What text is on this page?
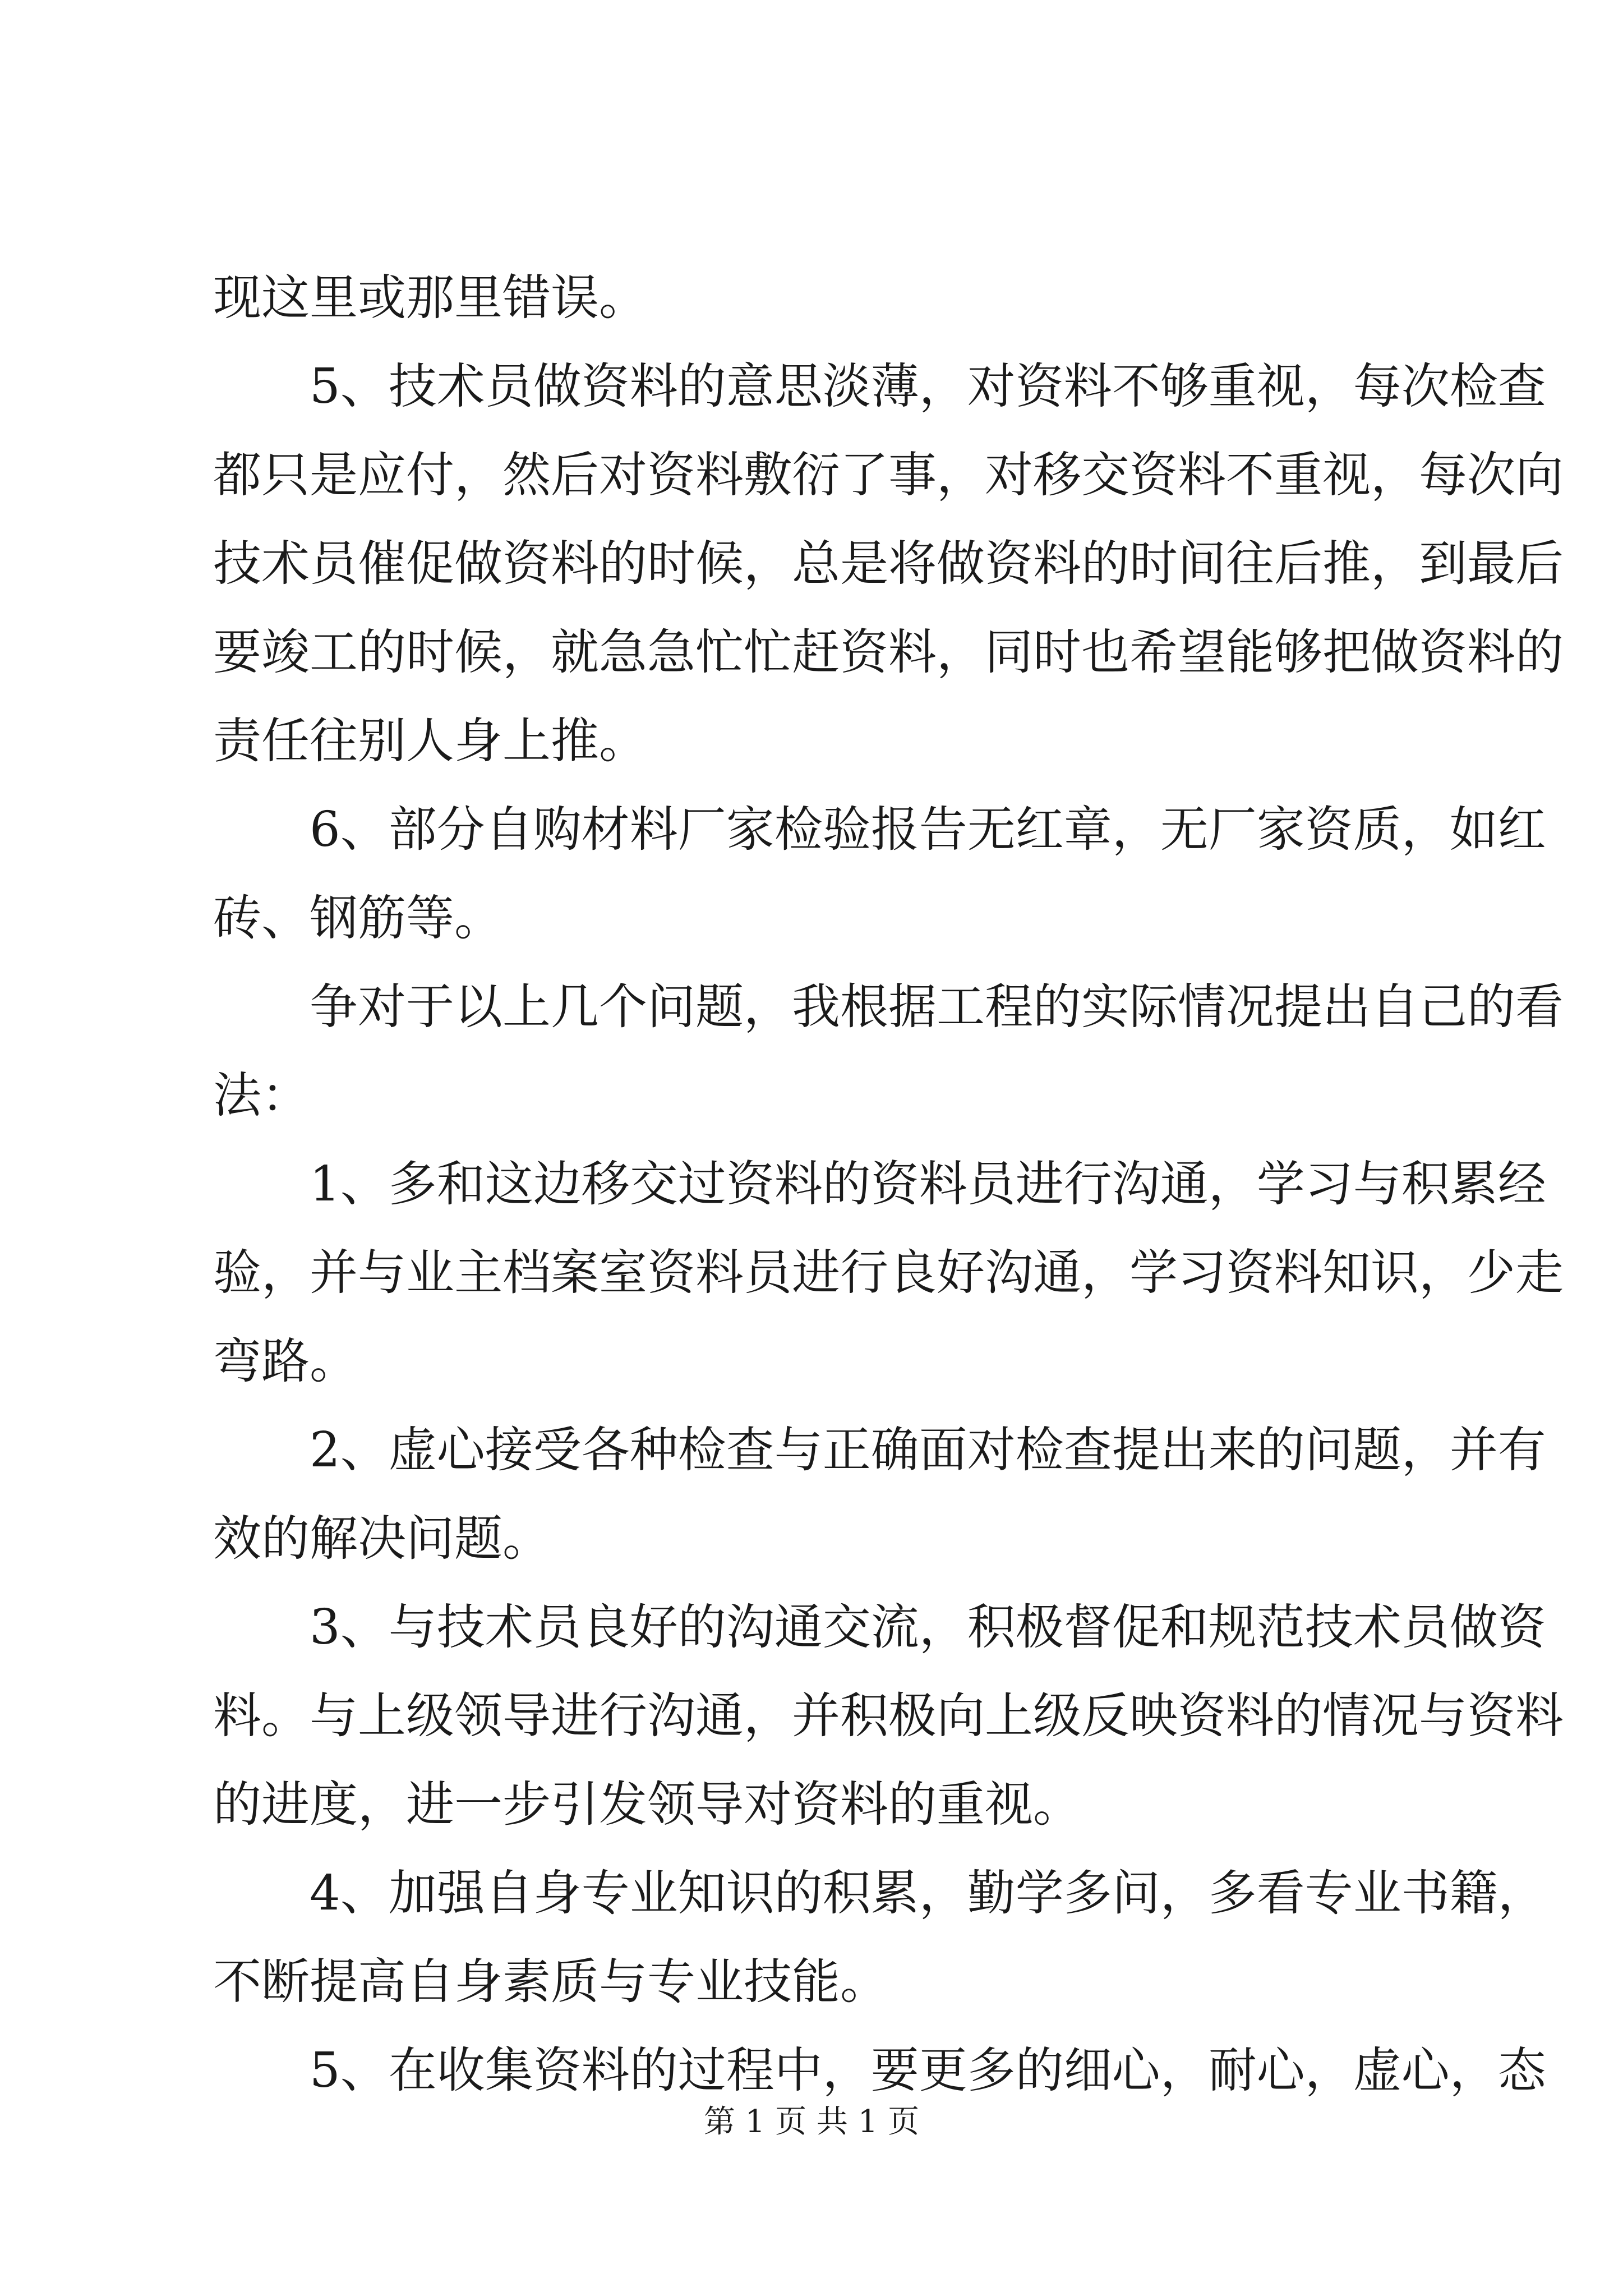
现这里或那里错误。
5、技术员做资料的意思淡薄，对资料不够重视，每次检查
都只是应付，然后对资料敷衍了事，对移交资料不重视，每次向
技术员催促做资料的时候，总是将做资料的时间往后推，到最后
要竣工的时候，就急急忙忙赶资料，同时也希望能够把做资料的
责任往别人身上推。
6、部分自购材料厂家检验报告无红章，无厂家资质，如红
砖、钢筋等。
争对于以上几个问题，我根据工程的实际情况提出自己的看
法：
1、多和这边移交过资料的资料员进行沟通，学习与积累经
验，并与业主档案室资料员进行良好沟通，学习资料知识，少走
弯路。
2、虚心接受各种检查与正确面对检查提出来的问题，并有
效的解决问题。
3、与技术员良好的沟通交流，积极督促和规范技术员做资
料。与上级领导进行沟通，并积极向上级反映资料的情况与资料
的进度，进一步引发领导对资料的重视。
4、加强自身专业知识的积累，勤学多问，多看专业书籍，
不断提高自身素质与专业技能。
5、在收集资料的过程中，要更多的细心，耐心，虚心，态
第 1 页 共 1 页
